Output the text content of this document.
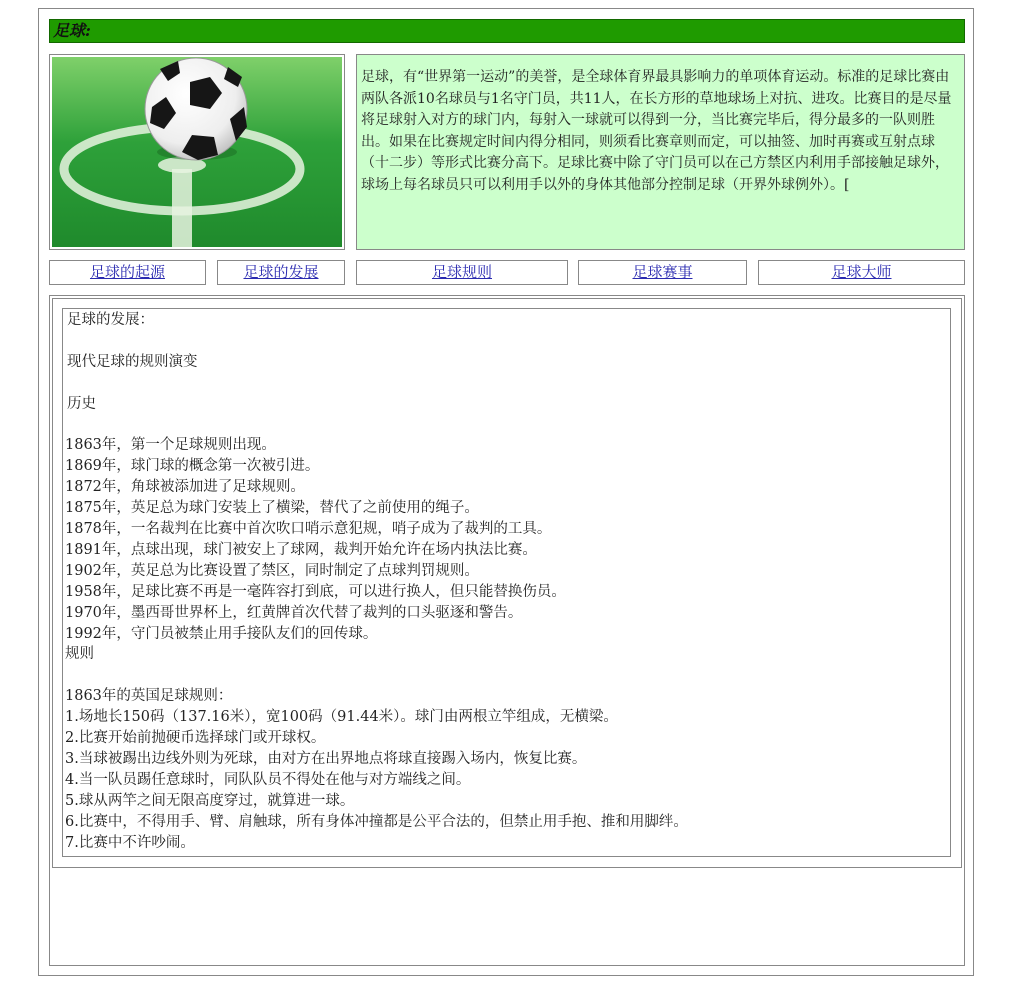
足球:
足球，有“世界第一运动”的美誉，是全球体育界最具影响力的单项体育运动。标准的足球比赛由两队各派10名球员与1名守门员，共11人，在长方形的草地球场上对抗、进攻。比赛目的是尽量将足球射入对方的球门内，每射入一球就可以得到一分，当比赛完毕后，得分最多的一队则胜出。如果在比赛规定时间内得分相同，则须看比赛章则而定，可以抽签、加时再赛或互射点球（十二步）等形式比赛分高下。足球比赛中除了守门员可以在己方禁区内利用手部接触足球外，球场上每名球员只可以利用手以外的身体其他部分控制足球（开界外球例外）。[
足球的起源	足球的发展	足球规则	足球赛事	足球大师

足球的发展：

现代足球的规则演变

历史

1863年，第一个足球规则出现。

1869年，球门球的概念第一次被引进。

1872年，角球被添加进了足球规则。

1875年，英足总为球门安装上了横梁，替代了之前使用的绳子。

1878年，一名裁判在比赛中首次吹口哨示意犯规，哨子成为了裁判的工具。

1891年，点球出现，球门被安上了球网，裁判开始允许在场内执法比赛。

1902年，英足总为比赛设置了禁区，同时制定了点球判罚规则。

1958年，足球比赛不再是一毫阵容打到底，可以进行换人，但只能替换伤员。

1970年，墨西哥世界杯上，红黄牌首次代替了裁判的口头驱逐和警告。

1992年，守门员被禁止用手接队友们的回传球。

规则

1863年的英国足球规则：

1.场地长150码（137.16米），宽100码（91.44米）。球门由两根立竿组成，无横梁。

2.比赛开始前抛硬币选择球门或开球权。

3.当球被踢出边线外则为死球，由对方在出界地点将球直接踢入场内，恢复比赛。

4.当一队员踢任意球时，同队队员不得处在他与对方端线之间。

5.球从两竿之间无限高度穿过，就算进一球。

6.比赛中，不得用手、臂、肩触球，所有身体冲撞都是公平合法的，但禁止用手抱、推和用脚绊。

7.比赛中不许吵闹。
